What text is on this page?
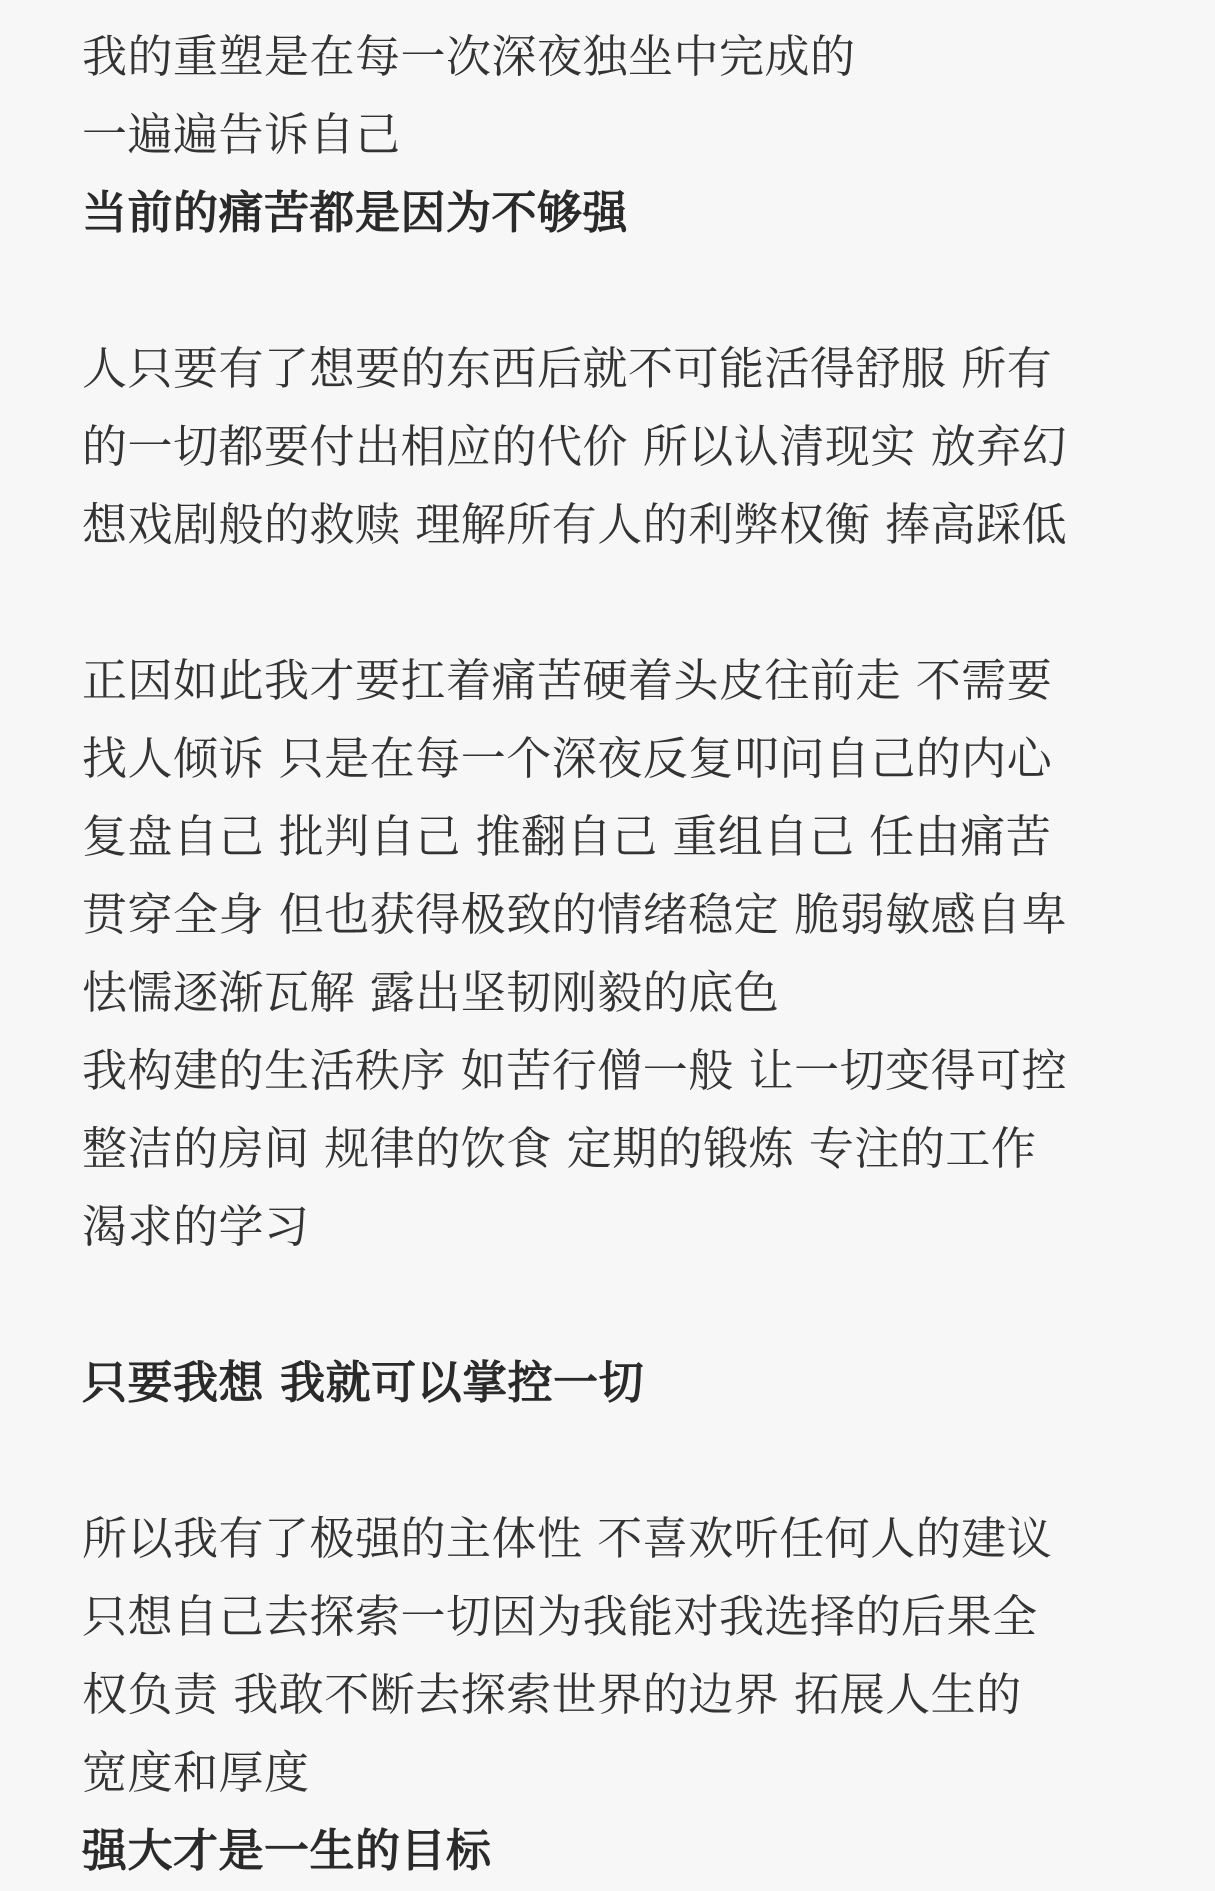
我的重塑是在每一次深夜独坐中完成的
一遍遍告诉自己
当前的痛苦都是因为不够强
人只要有了想要的东西后就不可能活得舒服 所有
的一切都要付出相应的代价 所以认清现实 放弃幻
想戏剧般的救赎 理解所有人的利弊权衡 捧高踩低
正因如此我才要扛着痛苦硬着头皮往前走 不需要
找人倾诉 只是在每一个深夜反复叩问自己的内心
复盘自己 批判自己 推翻自己 重组自己 任由痛苦
贯穿全身 但也获得极致的情绪稳定 脆弱敏感自卑
怯懦逐渐瓦解 露出坚韧刚毅的底色
我构建的生活秩序 如苦行僧一般 让一切变得可控
整洁的房间 规律的饮食 定期的锻炼 专注的工作
渴求的学习
只要我想 我就可以掌控一切
所以我有了极强的主体性 不喜欢听任何人的建议
只想自己去探索一切因为我能对我选择的后果全
权负责 我敢不断去探索世界的边界 拓展人生的
宽度和厚度
强大才是一生的目标
